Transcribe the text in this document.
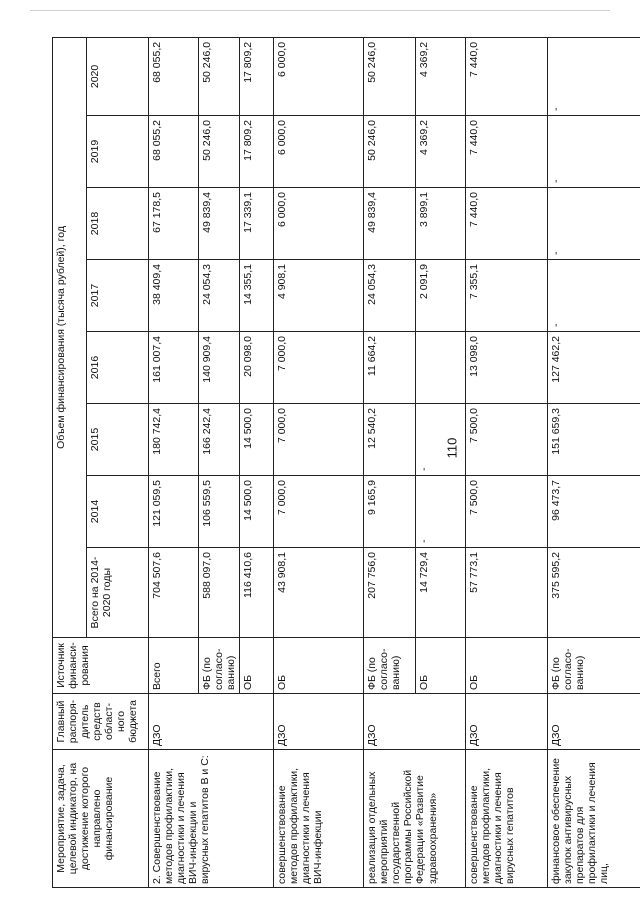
110
Мероприятие, задача, целевой индикатор, на достижение которого направлено финансирование	Главный распоря-дитель средств област-ного бюджета	Источник финанси-рования	Объем финансирования (тысяча рублей), год							
			Всего на 2014-2020 годы	2014	2015	2016	2017	2018	2019	2020
2. Совершенствование методов профилактики, диагностики и лечения ВИЧ-инфекции и вирусных гепатитов В и С:	ДЗО	Всего	704 507,6	121 059,5	180 742,4	161 007,4	38 409,4	67 178,5	68 055,2	68 055,2
		ФБ (по согласо-ванию)	588 097,0	106 559,5	166 242,4	140 909,4	24 054,3	49 839,4	50 246,0	50 246,0
		ОБ	116 410,6	14 500,0	14 500,0	20 098,0	14 355,1	17 339,1	17 809,2	17 809,2
совершенствование методов профилактики, диагностики и лечения ВИЧ-инфекции	ДЗО	ОБ	43 908,1	7 000,0	7 000,0	7 000,0	4 908,1	6 000,0	6 000,0	6 000,0
реализация отдельных мероприятий государственной программы Российской Федерации «Развитие здравоохранения»	ДЗО	ФБ (по согласо-ванию)	207 756,0	9 165,9	12 540,2	11 664,2	24 054,3	49 839,4	50 246,0	50 246,0
		ОБ	14 729,4	-	-		2 091,9	3 899,1	4 369,2	4 369,2
совершенствование методов профилактики, диагностики и лечения вирусных гепатитов	ДЗО	ОБ	57 773,1	7 500,0	7 500,0	13 098,0	7 355,1	7 440,0	7 440,0	7 440,0
финансовое обеспечение закупок антивирусных препаратов для профилактики и лечения лиц,	ДЗО	ФБ (по согласо-ванию)	375 595,2	96 473,7	151 659,3	127 462,2	-	-	-	-
